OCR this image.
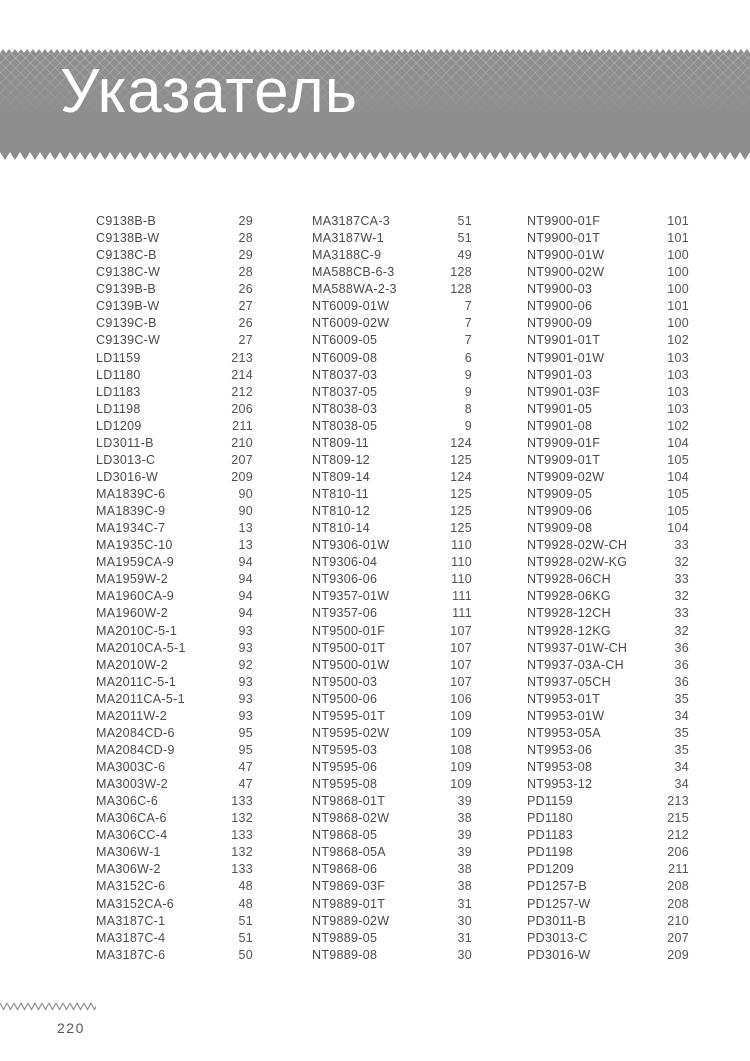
Указатель
C9138B-B	29
C9138B-W	28
C9138C-B	29
C9138C-W	28
C9139B-B	26
C9139B-W	27
C9139C-B	26
C9139C-W	27
LD1159	213
LD1180	214
LD1183	212
LD1198	206
LD1209	211
LD3011-B	210
LD3013-C	207
LD3016-W	209
MA1839C-6	90
MA1839C-9	90
MA1934C-7	13
MA1935C-10	13
MA1959CA-9	94
MA1959W-2	94
MA1960CA-9	94
MA1960W-2	94
MA2010C-5-1	93
MA2010CA-5-1	93
MA2010W-2	92
MA2011C-5-1	93
MA2011CA-5-1	93
MA2011W-2	93
MA2084CD-6	95
MA2084CD-9	95
MA3003C-6	47
MA3003W-2	47
MA306C-6	133
MA306CA-6	132
MA306CC-4	133
MA306W-1	132
MA306W-2	133
MA3152C-6	48
MA3152CA-6	48
MA3187C-1	51
MA3187C-4	51
MA3187C-6	50
MA3187CA-3	51
MA3187W-1	51
MA3188C-9	49
MA588CB-6-3	128
MA588WA-2-3	128
NT6009-01W	7
NT6009-02W	7
NT6009-05	7
NT6009-08	6
NT8037-03	9
NT8037-05	9
NT8038-03	8
NT8038-05	9
NT809-11	124
NT809-12	125
NT809-14	124
NT810-11	125
NT810-12	125
NT810-14	125
NT9306-01W	110
NT9306-04	110
NT9306-06	110
NT9357-01W	111
NT9357-06	111
NT9500-01F	107
NT9500-01T	107
NT9500-01W	107
NT9500-03	107
NT9500-06	106
NT9595-01T	109
NT9595-02W	109
NT9595-03	108
NT9595-06	109
NT9595-08	109
NT9868-01T	39
NT9868-02W	38
NT9868-05	39
NT9868-05A	39
NT9868-06	38
NT9869-03F	38
NT9889-01T	31
NT9889-02W	30
NT9889-05	31
NT9889-08	30
NT9900-01F	101
NT9900-01T	101
NT9900-01W	100
NT9900-02W	100
NT9900-03	100
NT9900-06	101
NT9900-09	100
NT9901-01T	102
NT9901-01W	103
NT9901-03	103
NT9901-03F	103
NT9901-05	103
NT9901-08	102
NT9909-01F	104
NT9909-01T	105
NT9909-02W	104
NT9909-05	105
NT9909-06	105
NT9909-08	104
NT9928-02W-CH	33
NT9928-02W-KG	32
NT9928-06CH	33
NT9928-06KG	32
NT9928-12CH	33
NT9928-12KG	32
NT9937-01W-CH	36
NT9937-03A-CH	36
NT9937-05CH	36
NT9953-01T	35
NT9953-01W	34
NT9953-05A	35
NT9953-06	35
NT9953-08	34
NT9953-12	34
PD1159	213
PD1180	215
PD1183	212
PD1198	206
PD1209	211
PD1257-B	208
PD1257-W	208
PD3011-B	210
PD3013-C	207
PD3016-W	209
220
